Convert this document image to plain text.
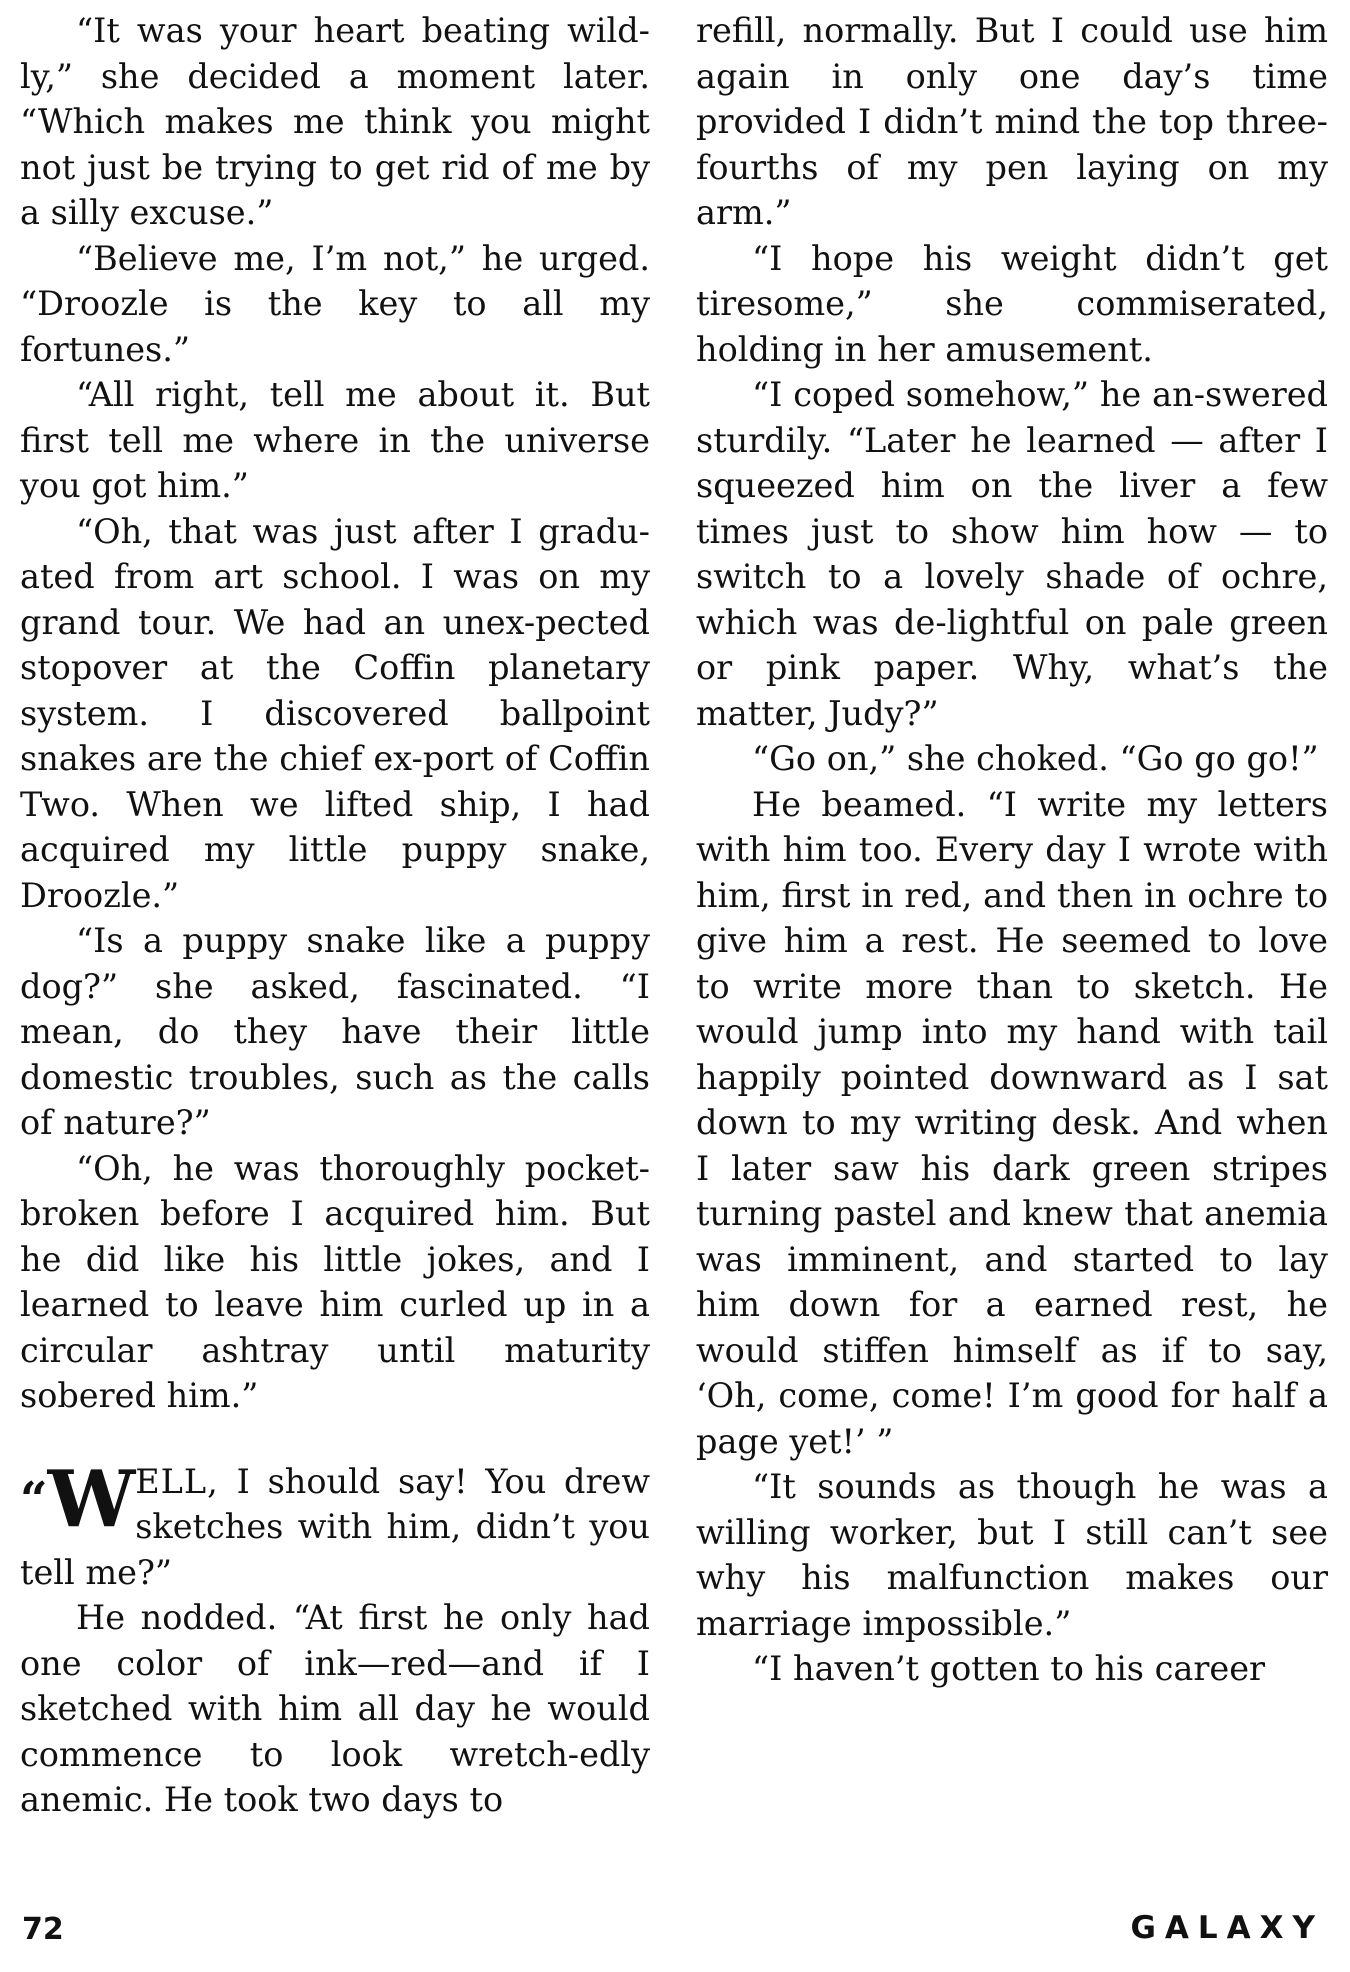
“It was your heart beating wild-ly,” she decided a moment later. “Which makes me think you might not just be trying to get rid of me by a silly excuse.”

“Believe me, I’m not,” he urged. “Droozle is the key to all my fortunes.”

“All right, tell me about it. But first tell me where in the universe you got him.”

“Oh, that was just after I gradu-ated from art school. I was on my grand tour. We had an unex-pected stopover at the Coffin planetary system. I discovered ballpoint snakes are the chief ex-port of Coffin Two. When we lifted ship, I had acquired my little puppy snake, Droozle.”

“Is a puppy snake like a puppy dog?” she asked, fascinated. “I mean, do they have their little domestic troubles, such as the calls of nature?”

“Oh, he was thoroughly pocket-broken before I acquired him. But he did like his little jokes, and I learned to leave him curled up in a circular ashtray until maturity sobered him.”

“W ELL, I should say! You drew sketches with him, didn’t you tell me?”

He nodded. “At first he only had one color of ink—red—and if I sketched with him all day he would commence to look wretch-edly anemic. He took two days to

refill, normally. But I could use him again in only one day’s time provided I didn’t mind the top three-fourths of my pen laying on my arm.”

“I hope his weight didn’t get tiresome,” she commiserated, holding in her amusement.

“I coped somehow,” he an-swered sturdily. “Later he learned — after I squeezed him on the liver a few times just to show him how — to switch to a lovely shade of ochre, which was de-lightful on pale green or pink paper. Why, what’s the matter, Judy?”

“Go on,” she choked. “Go go go!”

He beamed. “I write my letters with him too. Every day I wrote with him, first in red, and then in ochre to give him a rest. He seemed to love to write more than to sketch. He would jump into my hand with tail happily pointed downward as I sat down to my writing desk. And when I later saw his dark green stripes turning pastel and knew that anemia was imminent, and started to lay him down for a earned rest, he would stiffen himself as if to say, ‘Oh, come, come! I’m good for half a page yet!’ ”

“It sounds as though he was a willing worker, but I still can’t see why his malfunction makes our marriage impossible.”

“I haven’t gotten to his career

72	GALAXY
